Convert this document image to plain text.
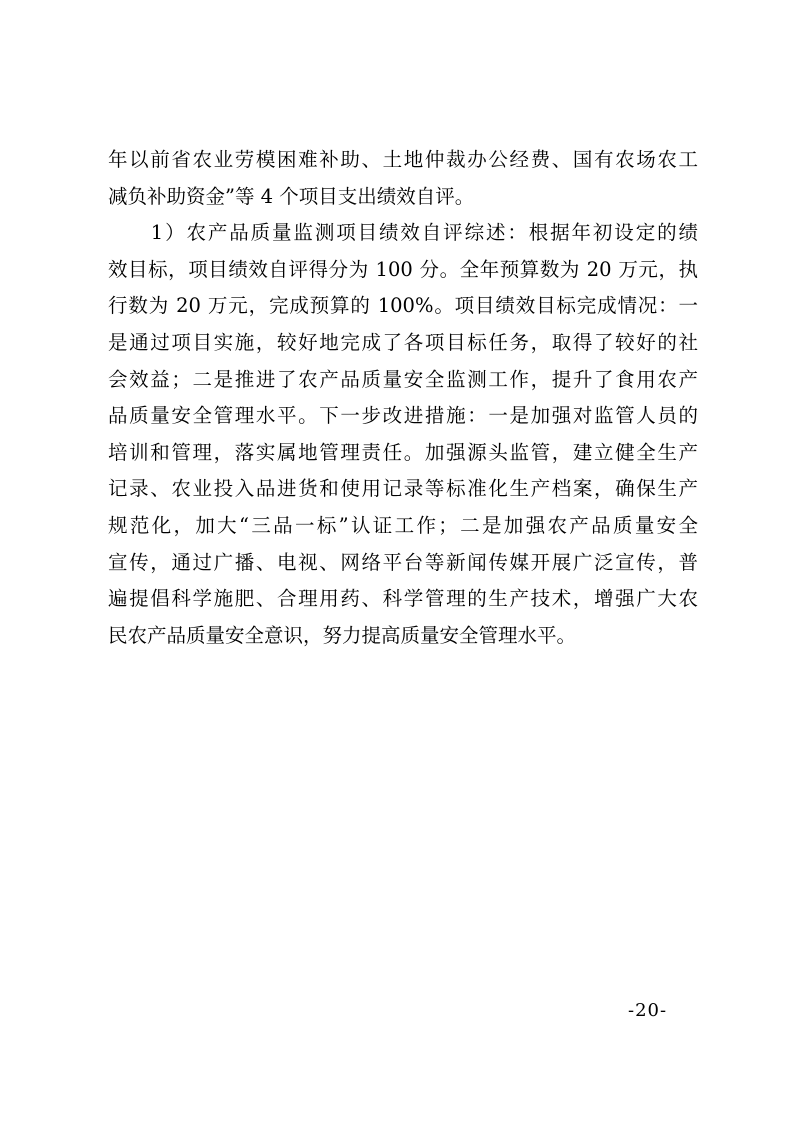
年以前省农业劳模困难补助、土地仲裁办公经费、国有农场农工
减负补助资金”等 4 个项目支出绩效自评。
　　1）农产品质量监测项目绩效自评综述：根据年初设定的绩
效目标，项目绩效自评得分为 100 分。全年预算数为 20 万元，执
行数为 20 万元，完成预算的 100%。项目绩效目标完成情况：一
是通过项目实施，较好地完成了各项目标任务，取得了较好的社
会效益；二是推进了农产品质量安全监测工作，提升了食用农产
品质量安全管理水平。下一步改进措施：一是加强对监管人员的
培训和管理，落实属地管理责任。加强源头监管，建立健全生产
记录、农业投入品进货和使用记录等标准化生产档案，确保生产
规范化，加大“三品一标”认证工作；二是加强农产品质量安全
宣传，通过广播、电视、网络平台等新闻传媒开展广泛宣传，普
遍提倡科学施肥、合理用药、科学管理的生产技术，增强广大农
民农产品质量安全意识，努力提高质量安全管理水平。
-20-
